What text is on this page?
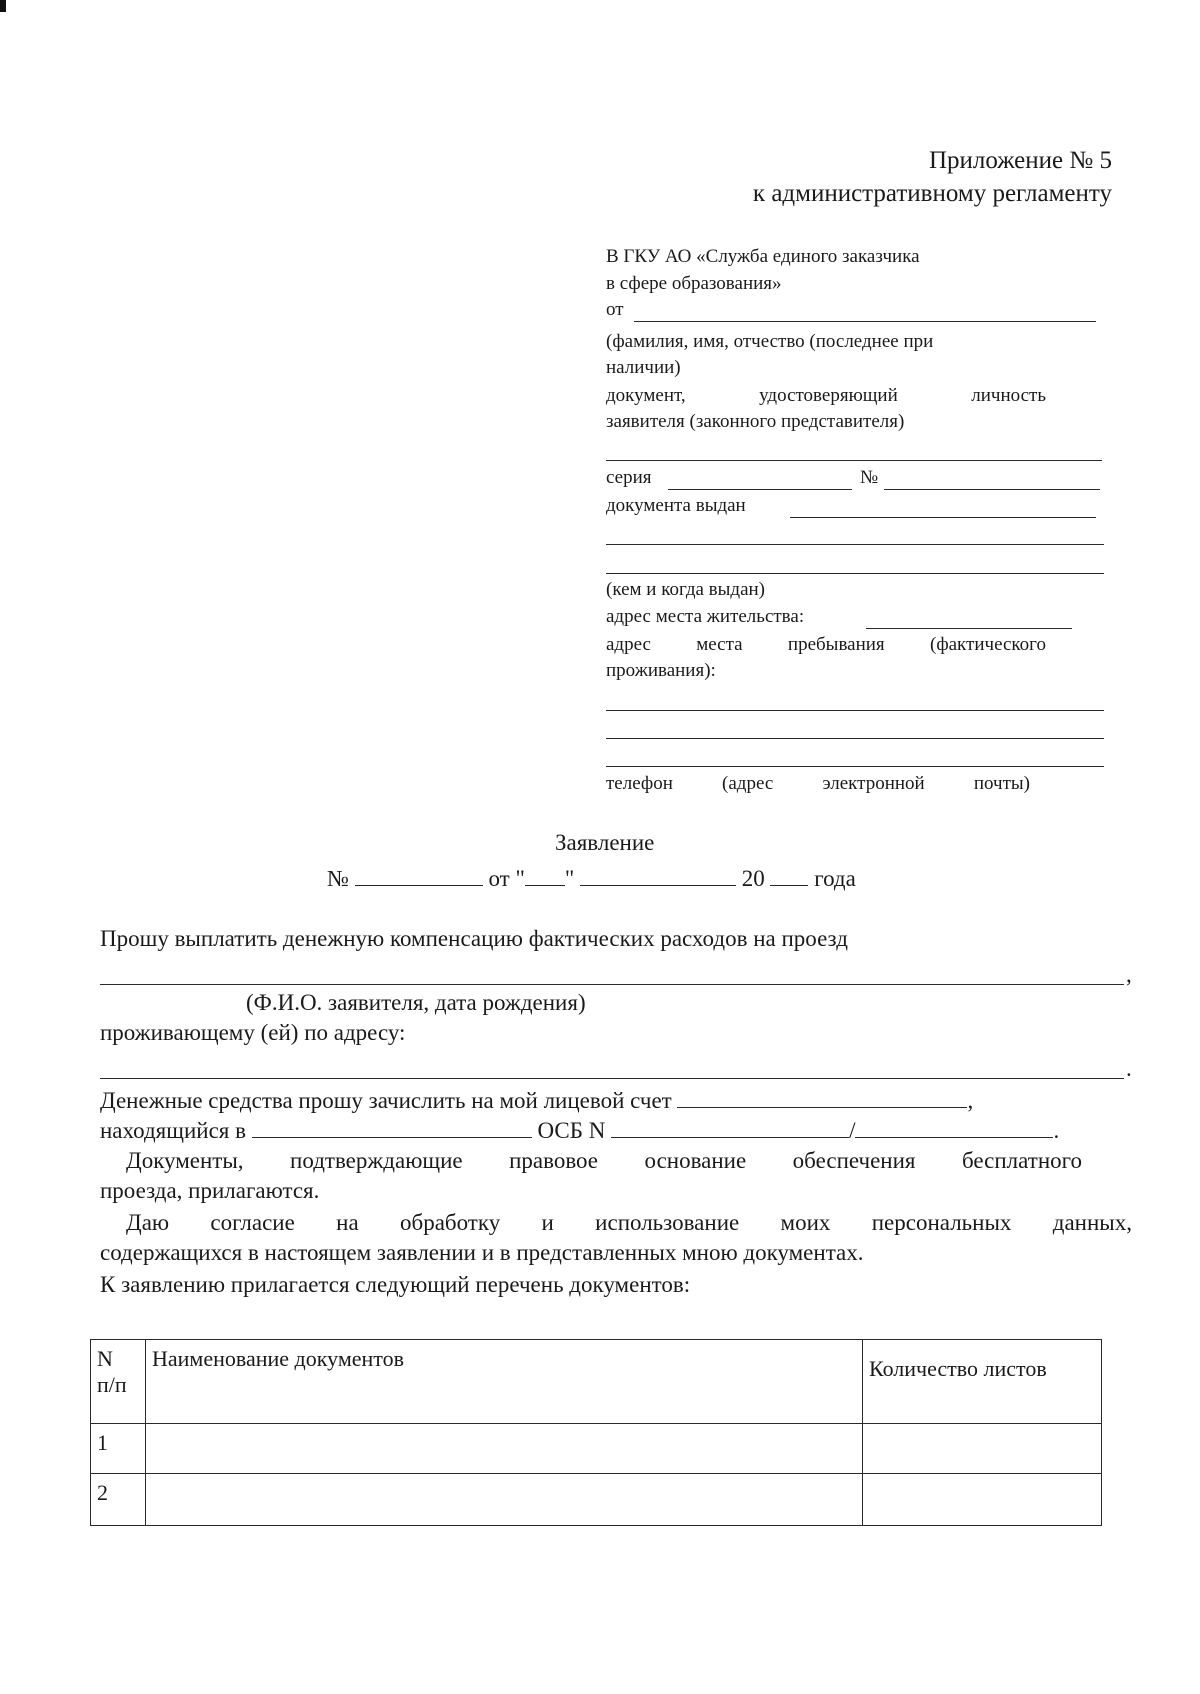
Приложение № 5
к административному регламенту
В ГКУ АО «Служба единого заказчика
в сфере образования»
от
(фамилия, имя, отчество (последнее при
наличии)
документ, удостоверяющий личность
заявителя (законного представителя)
серия	№
документа выдан
(кем и когда выдан)
адрес места жительства:
адрес места пребывания (фактического
проживания):
телефон (адрес электронной почты)
Заявление
№	от " "	20 года
Прошу выплатить денежную компенсацию фактических расходов на проезд
,
(Ф.И.О. заявителя, дата рождения)
проживающему (ей) по адресу:
.
Денежные средства прошу зачислить на мой лицевой счет	,
находящийся в	ОСБ N	/	.
Документы, подтверждающие правовое основание обеспечения бесплатного
проезда, прилагаются.
Даю согласие на обработку и использование моих персональных данных,
содержащихся в настоящем заявлении и в представленных мною документах.
К заявлению прилагается следующий перечень документов:
N
п/п	Наименование документов	Количество листов
1		
2		
